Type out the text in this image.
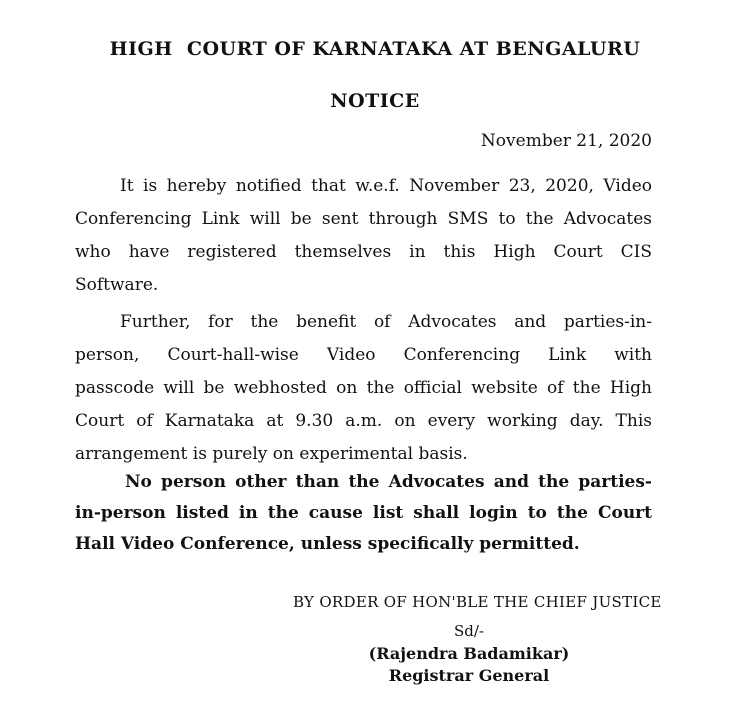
HIGH  COURT OF KARNATAKA AT BENGALURU
NOTICE
November 21, 2020
It is hereby notified that w.e.f. November 23, 2020, Video
Conferencing Link will be sent through SMS to the Advocates
who have registered themselves in this High Court CIS
Software.
Further, for the benefit of Advocates and parties-in-
person, Court-hall-wise Video Conferencing Link with
passcode will be webhosted on the official website of the High
Court of Karnataka at 9.30 a.m. on every working day. This
arrangement is purely on experimental basis.
No person other than the Advocates and the parties-
in-person listed in the cause list shall login to the Court
Hall Video Conference, unless specifically permitted.
BY ORDER OF HON'BLE THE CHIEF JUSTICE
Sd/-
(Rajendra Badamikar)
Registrar General
